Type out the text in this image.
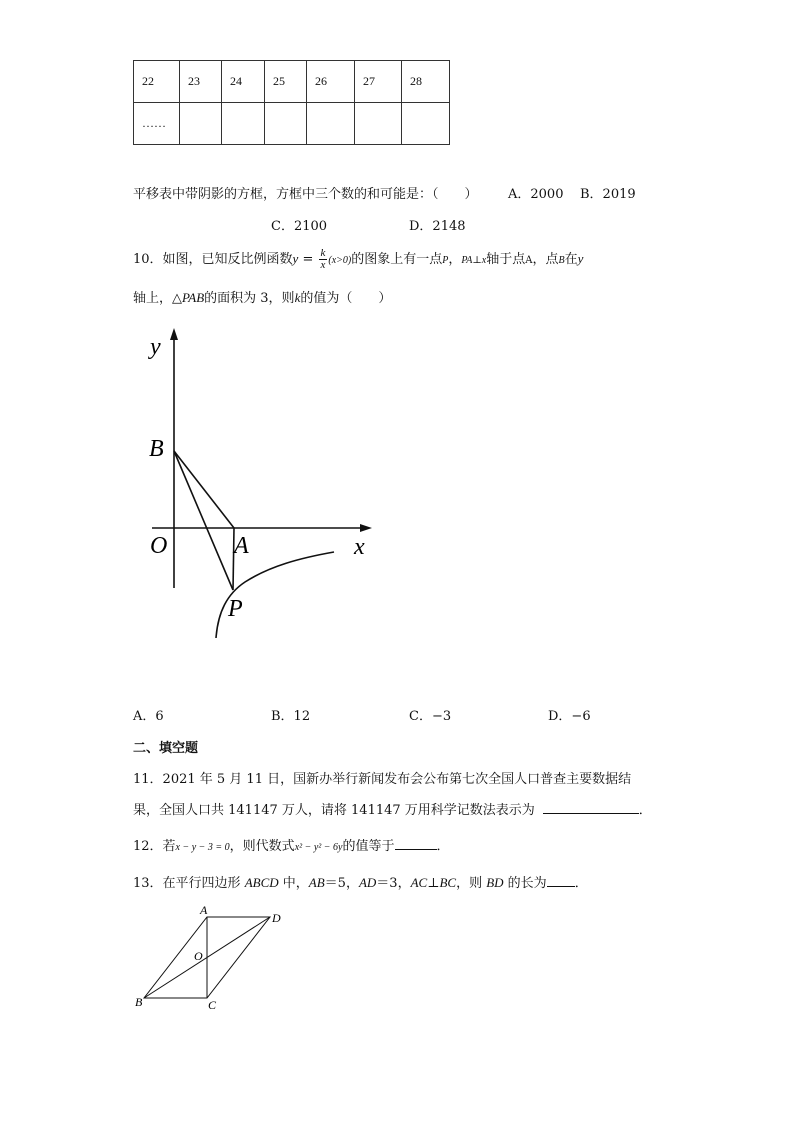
22	23	24	25	26	27	28
……						
平移表中带阴影的方框，方框中三个数的和可能是：（　　） A．2000 B．2019
C．2100	D．2148
10．如图，已知反比例函数$y = \frac{k}{x} (x>0)$的图象上有一点P，PA⊥x轴于点A，点B在y
轴上，△PAB的面积为 3，则k的值为（　　）
y
x
O	A
B
P
A．6	B．12	C．−3	D．−6
二、填空题
11．2021 年 5 月 11 日，国新办举行新闻发布会公布第七次全国人口普查主要数据结
果，全国人口共 141147 万人，请将 141147 万用科学记数法表示为	．
12．若x − y − 3 = 0，则代数式x² − y² − 6y的值等于	．
13．在平行四边形 ABCD 中，AB＝5，AD＝3，AC⊥BC，则 BD 的长为 ．
A
D
O
B	C
